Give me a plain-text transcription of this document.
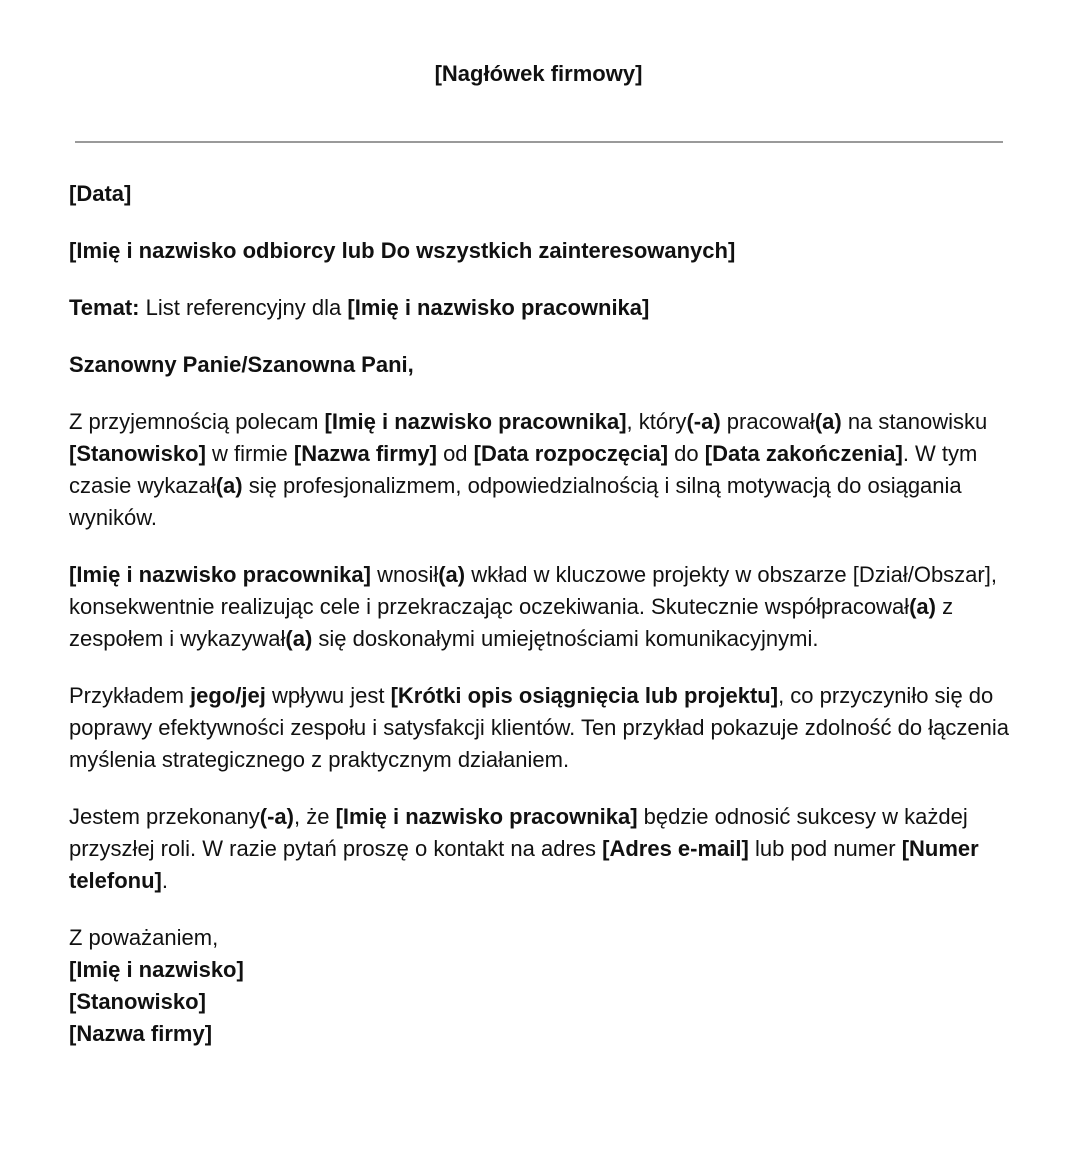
[Nagłówek firmowy]

[Data]

[Imię i nazwisko odbiorcy lub Do wszystkich zainteresowanych]

Temat: List referencyjny dla [Imię i nazwisko pracownika]

Szanowny Panie/Szanowna Pani,

Z przyjemnością polecam [Imię i nazwisko pracownika], który(-a) pracował(a) na stanowisku [Stanowisko] w firmie [Nazwa firmy] od [Data rozpoczęcia] do [Data zakończenia]. W tym czasie wykazał(a) się profesjonalizmem, odpowiedzialnością i silną motywacją do osiągania wyników.

[Imię i nazwisko pracownika] wnosił(a) wkład w kluczowe projekty w obszarze [Dział/Obszar], konsekwentnie realizując cele i przekraczając oczekiwania. Skutecznie współpracował(a) z zespołem i wykazywał(a) się doskonałymi umiejętnościami komunikacyjnymi.

Przykładem jego/jej wpływu jest [Krótki opis osiągnięcia lub projektu], co przyczyniło się do poprawy efektywności zespołu i satysfakcji klientów. Ten przykład pokazuje zdolność do łączenia myślenia strategicznego z praktycznym działaniem.

Jestem przekonany(-a), że [Imię i nazwisko pracownika] będzie odnosić sukcesy w każdej przyszłej roli. W razie pytań proszę o kontakt na adres [Adres e-mail] lub pod numer [Numer telefonu].

Z poważaniem,
[Imię i nazwisko]
[Stanowisko]
[Nazwa firmy]
